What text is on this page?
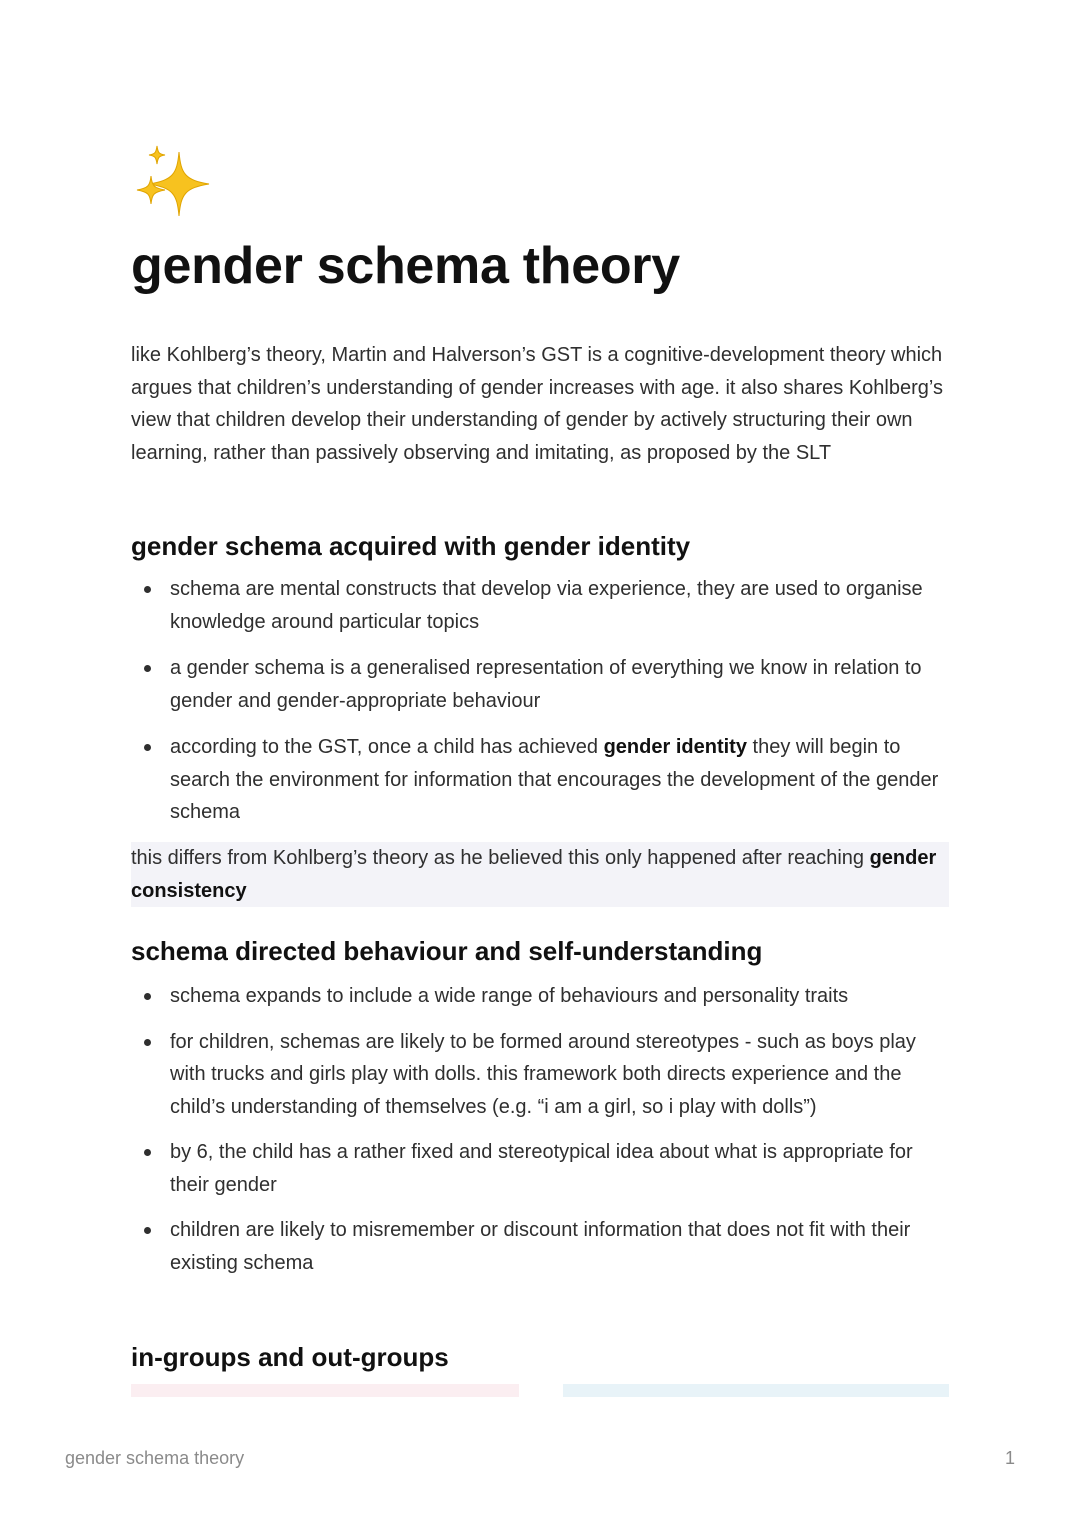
gender schema theory

like Kohlberg’s theory, Martin and Halverson’s GST is a cognitive-development theory which argues that children’s understanding of gender increases with age. it also shares Kohlberg’s view that children develop their understanding of gender by actively structuring their own learning, rather than passively observing and imitating, as proposed by the SLT

gender schema acquired with gender identity
schema are mental constructs that develop via experience, they are used to organise knowledge around particular topics
a gender schema is a generalised representation of everything we know in relation to gender and gender-appropriate behaviour
according to the GST, once a child has achieved gender identity they will begin to search the environment for information that encourages the development of the gender schema
this differs from Kohlberg’s theory as he believed this only happened after reaching gender consistency
schema directed behaviour and self-understanding
schema expands to include a wide range of behaviours and personality traits
for children, schemas are likely to be formed around stereotypes - such as boys play with trucks and girls play with dolls. this framework both directs experience and the child’s understanding of themselves (e.g. “i am a girl, so i play with dolls”)
by 6, the child has a rather fixed and stereotypical idea about what is appropriate for their gender
children are likely to misremember or discount information that does not fit with their existing schema
in-groups and out-groups
gender schema theory	1
